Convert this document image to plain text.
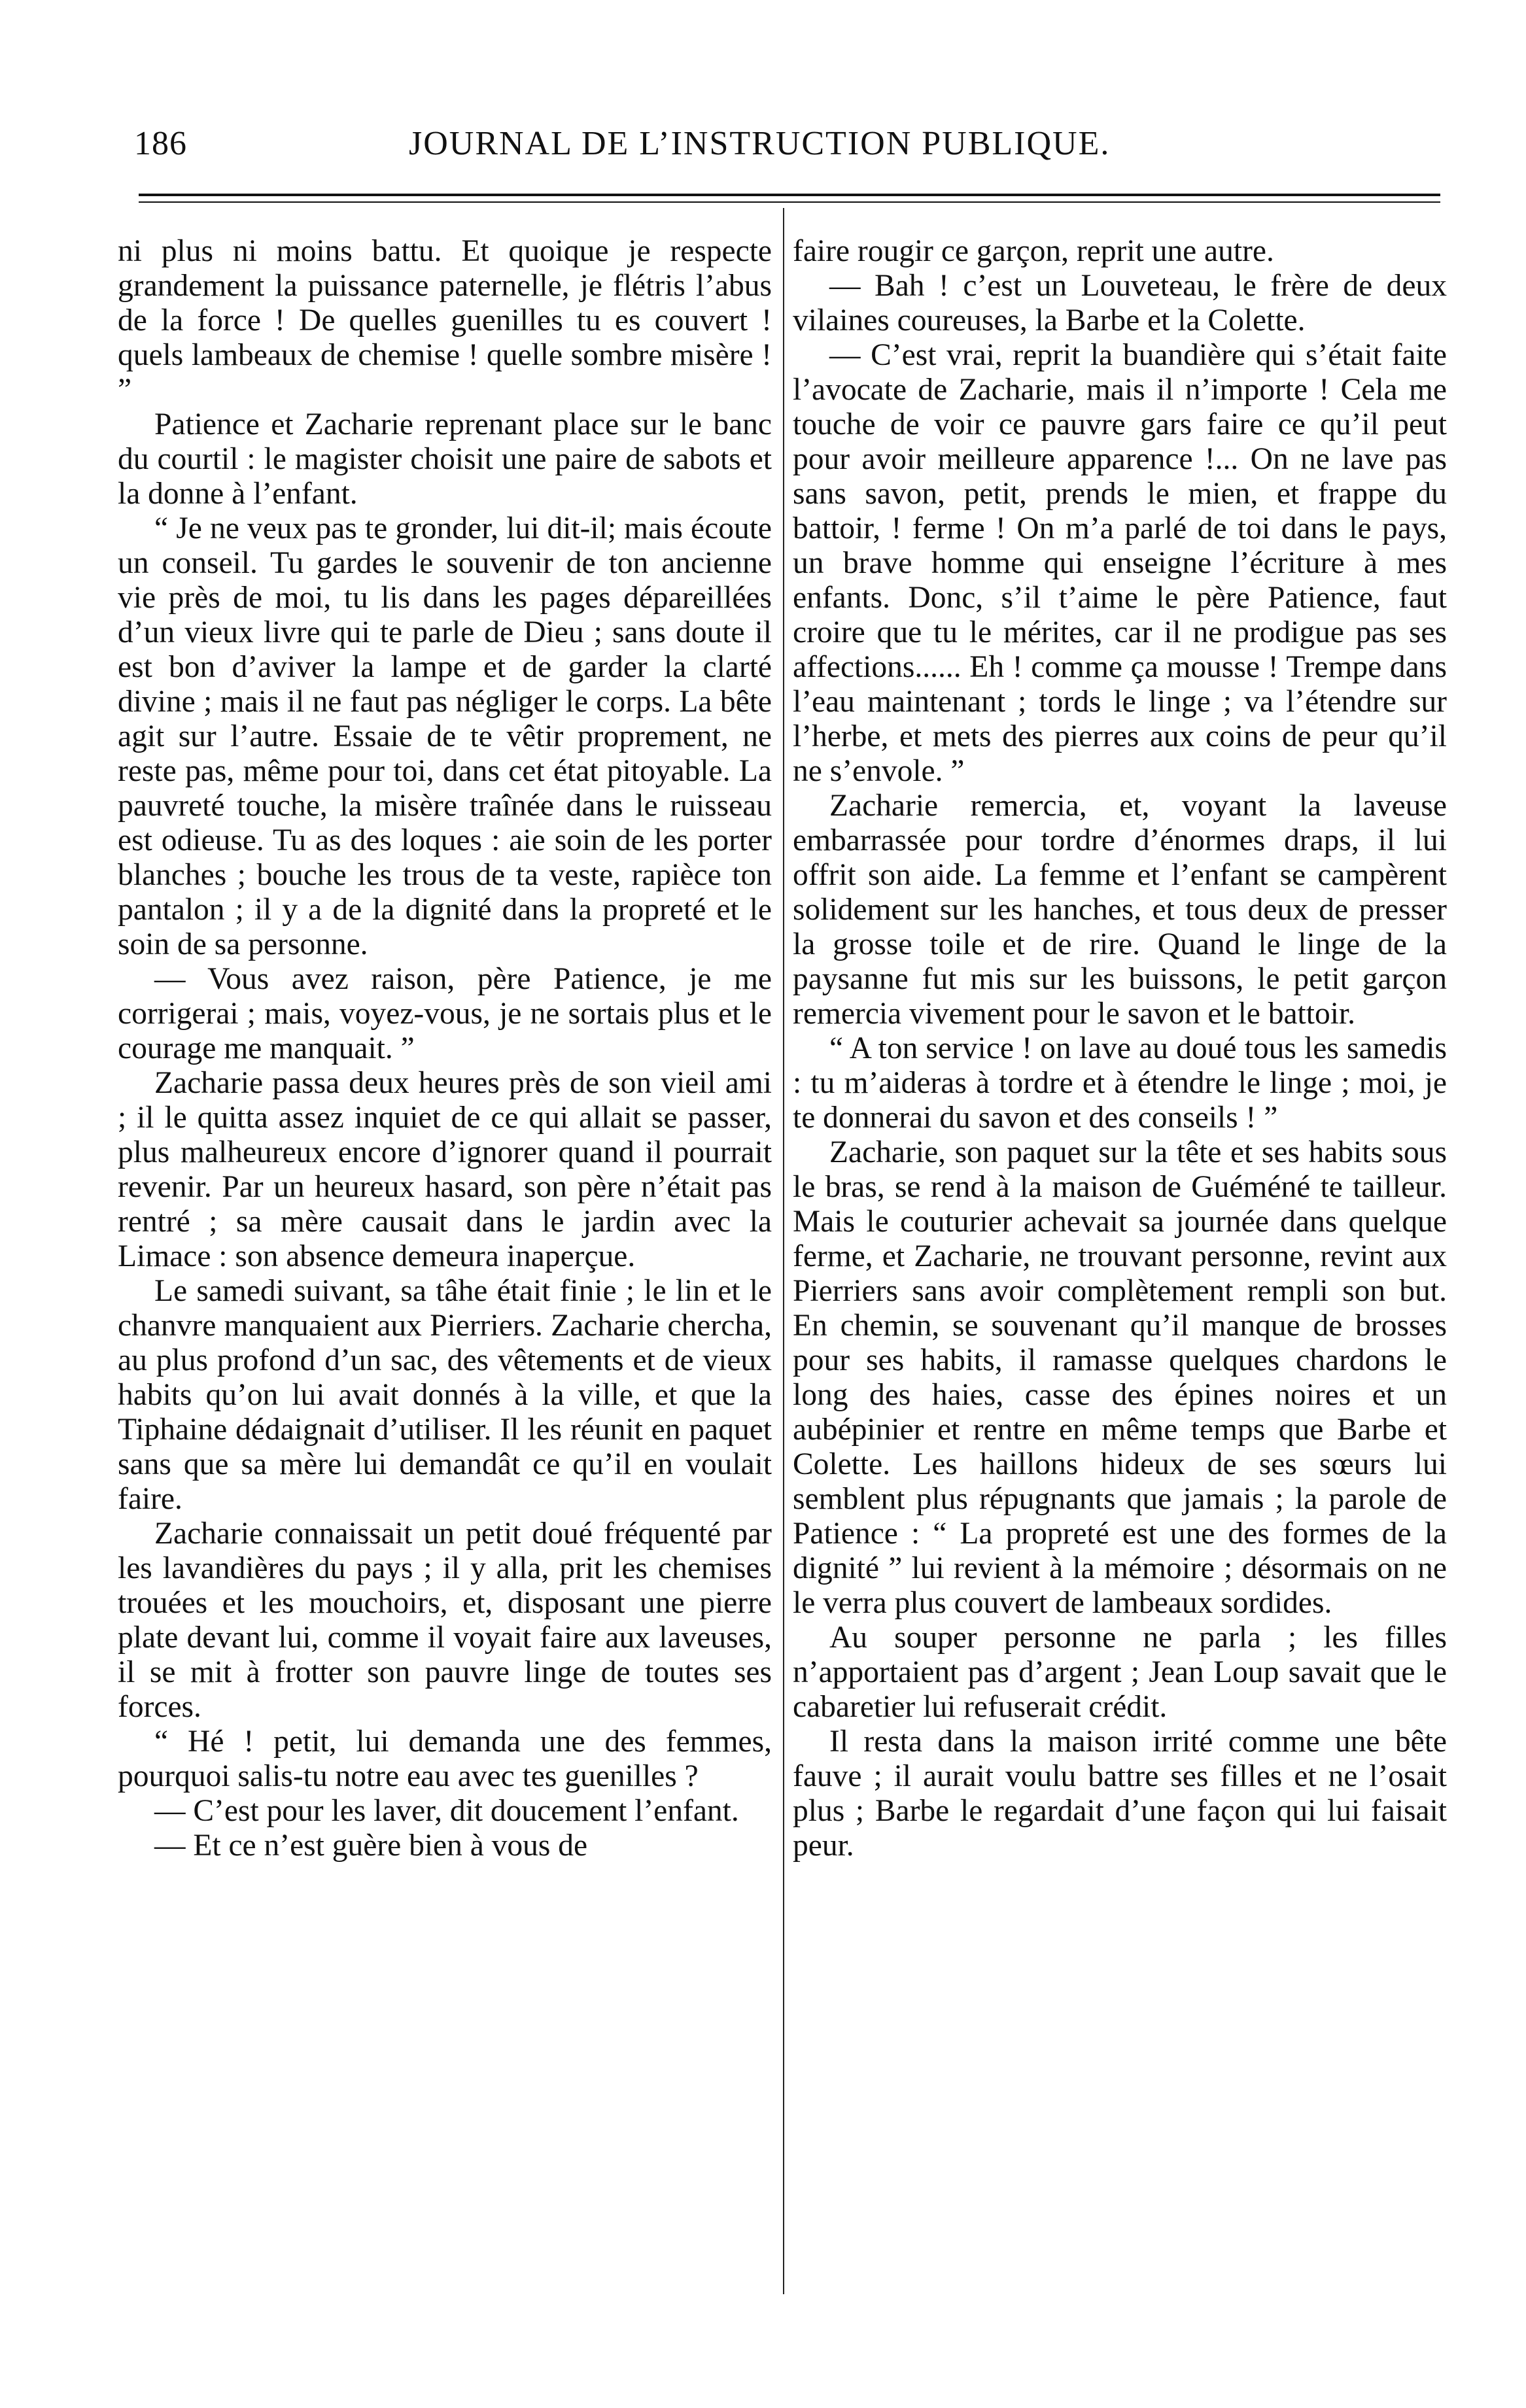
186	JOURNAL DE L’INSTRUCTION PUBLIQUE.

ni plus ni moins battu. Et quoique je respecte grandement la puissance paternelle, je flétris l’abus de la force ! De quelles guenilles tu es couvert ! quels lambeaux de chemise ! quelle sombre misère ! ”

Patience et Zacharie reprenant place sur le banc du courtil : le magister choisit une paire de sabots et la donne à l’enfant.

“ Je ne veux pas te gronder, lui dit-il; mais écoute un conseil. Tu gardes le souvenir de ton ancienne vie près de moi, tu lis dans les pages dépareillées d’un vieux livre qui te parle de Dieu ; sans doute il est bon d’aviver la lampe et de garder la clarté divine ; mais il ne faut pas négliger le corps. La bête agit sur l’autre. Essaie de te vêtir proprement, ne reste pas, même pour toi, dans cet état pitoyable. La pauvreté touche, la misère traînée dans le ruisseau est odieuse. Tu as des loques : aie soin de les porter blanches ; bouche les trous de ta veste, rapièce ton pantalon ; il y a de la dignité dans la propreté et le soin de sa personne.

— Vous avez raison, père Patience, je me corrigerai ; mais, voyez-vous, je ne sortais plus et le courage me manquait. ”

Zacharie passa deux heures près de son vieil ami ; il le quitta assez inquiet de ce qui allait se passer, plus malheureux encore d’ignorer quand il pourrait revenir. Par un heureux hasard, son père n’était pas rentré ; sa mère causait dans le jardin avec la Limace : son absence demeura inaperçue.

Le samedi suivant, sa tâhe était finie ; le lin et le chanvre manquaient aux Pierriers. Zacharie chercha, au plus profond d’un sac, des vêtements et de vieux habits qu’on lui avait donnés à la ville, et que la Tiphaine dédaignait d’utiliser. Il les réunit en paquet sans que sa mère lui demandât ce qu’il en voulait faire.

Zacharie connaissait un petit doué fréquenté par les lavandières du pays ; il y alla, prit les chemises trouées et les mouchoirs, et, disposant une pierre plate devant lui, comme il voyait faire aux laveuses, il se mit à frotter son pauvre linge de toutes ses forces.

“ Hé ! petit, lui demanda une des femmes, pourquoi salis-tu notre eau avec tes guenilles ?

— C’est pour les laver, dit doucement l’enfant.

— Et ce n’est guère bien à vous de

faire rougir ce garçon, reprit une autre.

— Bah ! c’est un Louveteau, le frère de deux vilaines coureuses, la Barbe et la Colette.

— C’est vrai, reprit la buandière qui s’était faite l’avocate de Zacharie, mais il n’importe ! Cela me touche de voir ce pauvre gars faire ce qu’il peut pour avoir meilleure apparence !... On ne lave pas sans savon, petit, prends le mien, et frappe du battoir, ! ferme ! On m’a parlé de toi dans le pays, un brave homme qui enseigne l’écriture à mes enfants. Donc, s’il t’aime le père Patience, faut croire que tu le mérites, car il ne prodigue pas ses affections...... Eh ! comme ça mousse ! Trempe dans l’eau maintenant ; tords le linge ; va l’étendre sur l’herbe, et mets des pierres aux coins de peur qu’il ne s’envole. ”

Zacharie remercia, et, voyant la laveuse embarrassée pour tordre d’énormes draps, il lui offrit son aide. La femme et l’enfant se campèrent solidement sur les hanches, et tous deux de presser la grosse toile et de rire. Quand le linge de la paysanne fut mis sur les buissons, le petit garçon remercia vivement pour le savon et le battoir.

“ A ton service ! on lave au doué tous les samedis : tu m’aideras à tordre et à étendre le linge ; moi, je te donnerai du savon et des conseils ! ”

Zacharie, son paquet sur la tête et ses habits sous le bras, se rend à la maison de Guéméné te tailleur. Mais le couturier achevait sa journée dans quelque ferme, et Zacharie, ne trouvant personne, revint aux Pierriers sans avoir complètement rempli son but. En chemin, se souvenant qu’il manque de brosses pour ses habits, il ramasse quelques chardons le long des haies, casse des épines noires et un aubépinier et rentre en même temps que Barbe et Colette. Les haillons hideux de ses sœurs lui semblent plus répugnants que jamais ; la parole de Patience : “ La propreté est une des formes de la dignité ” lui revient à la mémoire ; désormais on ne le verra plus couvert de lambeaux sordides.

Au souper personne ne parla ; les filles n’apportaient pas d’argent ; Jean Loup savait que le cabaretier lui refuserait crédit.

Il resta dans la maison irrité comme une bête fauve ; il aurait voulu battre ses filles et ne l’osait plus ; Barbe le regardait d’une façon qui lui faisait peur.
